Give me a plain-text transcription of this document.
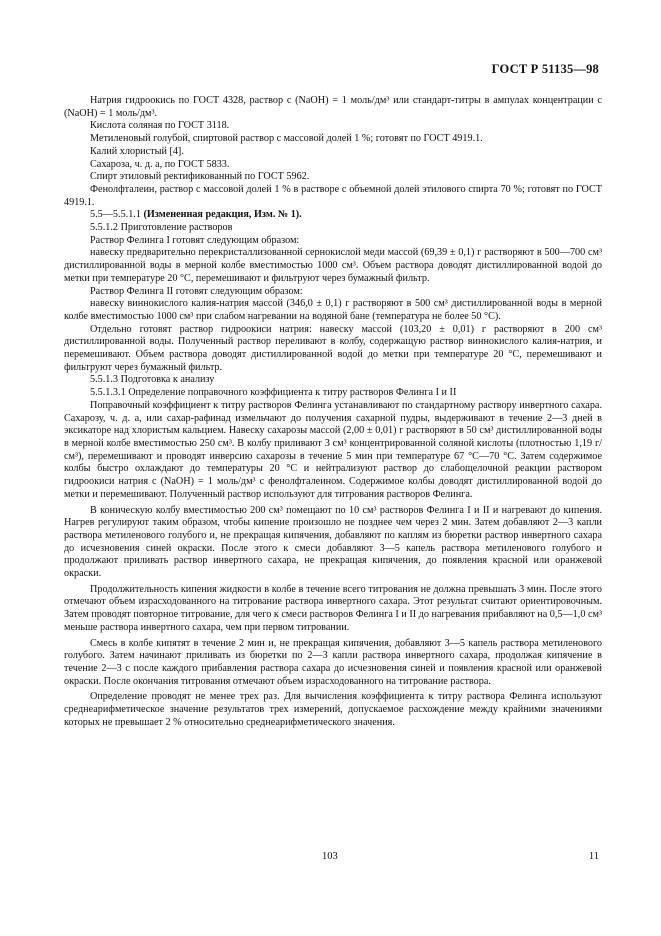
ГОСТ Р 51135—98

Натрия гидроокись по ГОСТ 4328, раствор c (NaOH) = 1 моль/дм³ или стандарт-титры в ампулах концентрации c (NaOH) = 1 моль/дм³.

Кислота соляная по ГОСТ 3118.

Метиленовый голубой, спиртовой раствор с массовой долей 1 %; готовят по ГОСТ 4919.1.

Калий хлористый [4].

Сахароза, ч. д. а, по ГОСТ 5833.

Спирт этиловый ректификованный по ГОСТ 5962.

Фенолфталеин, раствор с массовой долей 1 % в растворе с объемной долей этилового спирта 70 %; готовят по ГОСТ 4919.1.

5.5—5.5.1.1 (Измененная редакция, Изм. № 1).

5.5.1.2 Приготовление растворов

Раствор Фелинга I готовят следующим образом:

навеску предварительно перекристаллизованной сернокислой меди массой (69,39 ± 0,1) г растворяют в 500—700 см³ дистиллированной воды в мерной колбе вместимостью 1000 см³. Объем раствора доводят дистиллированной водой до метки при температуре 20 °С, перемешивают и фильтруют через бумажный фильтр.

Раствор Фелинга II готовят следующим образом:

навеску виннокислого калия-натрия массой (346,0 ± 0,1) г растворяют в 500 см³ дистиллированной воды в мерной колбе вместимостью 1000 см³ при слабом нагревании на водяной бане (температура не более 50 °С).

Отдельно готовят раствор гидроокиси натрия: навеску массой (103,20 ± 0,01) г растворяют в 200 см³ дистиллированной воды. Полученный раствор переливают в колбу, содержащую раствор виннокислого калия-натрия, и перемешивают. Объем раствора доводят дистиллированной водой до метки при температуре 20 °С, перемешивают и фильтруют через бумажный фильтр.

5.5.1.3 Подготовка к анализу

5.5.1.3.1 Определение поправочного коэффициента к титру растворов Фелинга I и II

Поправочный коэффициент к титру растворов Фелинга устанавливают по стандартному раствору инвертного сахара. Сахарозу, ч. д. а, или сахар-рафинад измельчают до получения сахарной пудры, выдерживают в течение 2—3 дней в эксикаторе над хлористым кальцием. Навеску сахарозы массой (2,00 ± 0,01) г растворяют в 50 см³ дистиллированной воды в мерной колбе вместимостью 250 см³. В колбу приливают 3 см³ концентрированной соляной кислоты (плотностью 1,19 г/см³), перемешивают и проводят инверсию сахарозы в течение 5 мин при температуре 67 °С—70 °С. Затем содержимое колбы быстро охлаждают до температуры 20 °С и нейтрализуют раствор до слабощелочной реакции раствором гидроокиси натрия c (NaOH) = 1 моль/дм³ с фенолфталеином. Содержимое колбы доводят дистиллированной водой до метки и перемешивают. Полученный раствор используют для титрования растворов Фелинга.

В коническую колбу вместимостью 200 см³ помещают по 10 см³ растворов Фелинга I и II и нагревают до кипения. Нагрев регулируют таким образом, чтобы кипение произошло не позднее чем через 2 мин. Затем добавляют 2—3 капли раствора метиленового голубого и, не прекращая кипячения, добавляют по каплям из бюретки раствор инвертного сахара до исчезновения синей окраски. После этого к смеси добавляют 3—5 капель раствора метиленового голубого и продолжают приливать раствор инвертного сахара, не прекращая кипячения, до появления красной или оранжевой окраски.

Продолжительность кипения жидкости в колбе в течение всего титрования не должна превышать 3 мин. После этого отмечают объем израсходованного на титрование раствора инвертного сахара. Этот результат считают ориентировочным. Затем проводят повторное титрование, для чего к смеси растворов Фелинга I и II до нагревания прибавляют на 0,5—1,0 см³ меньше раствора инвертного сахара, чем при первом титровании.

Смесь в колбе кипятят в течение 2 мин и, не прекращая кипячения, добавляют 3—5 капель раствора метиленового голубого. Затем начинают приливать из бюретки по 2—3 капли раствора инвертного сахара, продолжая кипячение в течение 2—3 с после каждого прибавления раствора сахара до исчезновения синей и появления красной или оранжевой окраски. После окончания титрования отмечают объем израсходованного на титрование раствора.

Определение проводят не менее трех раз. Для вычисления коэффициента к титру раствора Фелинга используют среднеарифметическое значение результатов трех измерений, допускаемое расхождение между крайними значениями которых не превышает 2 % относительно среднеарифметического значения.

103	11
